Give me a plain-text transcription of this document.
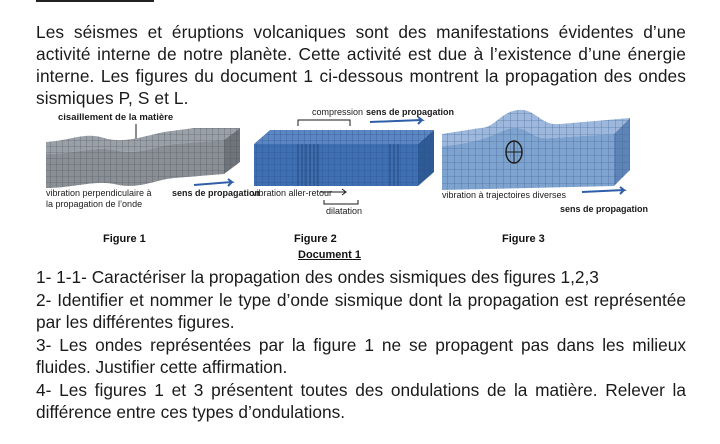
Les séismes et éruptions volcaniques sont des manifestations évidentes d’une activité interne de notre planète. Cette activité est due à l’existence d’une énergie interne. Les figures du document 1 ci-dessous montrent la propagation des ondes sismiques P, S et L.

cisaillement de la matière
vibration perpendiculaire à
la propagation de l’onde
sens de propagation
compression sens de propagation
vibration aller-retour
dilatation
vibration à trajectoires diverses
sens de propagation
Figure 1	Figure 2	Figure 3
Document 1

1- 1-1- Caractériser la propagation des ondes sismiques des figures 1,2,3

2- Identifier et nommer le type d’onde sismique dont la propagation est représentée par les différentes figures.

3- Les ondes représentées par la figure 1 ne se propagent pas dans les milieux fluides. Justifier cette affirmation.

4- Les figures 1 et 3 présentent toutes des ondulations de la matière. Relever la différence entre ces types d’ondulations.
